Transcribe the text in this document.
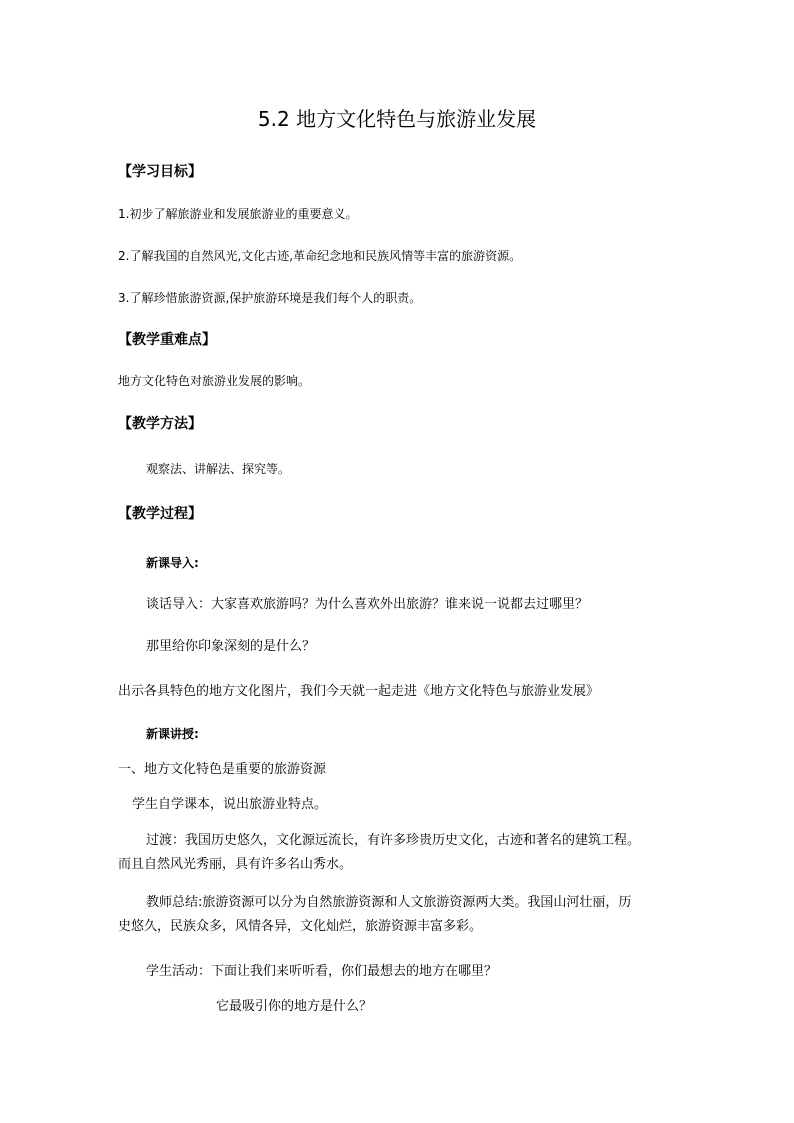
5.2 地方文化特色与旅游业发展
【学习目标】
1.初步了解旅游业和发展旅游业的重要意义。
2.了解我国的自然风光,文化古迹,革命纪念地和民族风情等丰富的旅游资源。
3.了解珍惜旅游资源,保护旅游环境是我们每个人的职责。
【教学重难点】
地方文化特色对旅游业发展的影响。
【教学方法】
观察法、讲解法、探究等。
【教学过程】
新课导入:
谈话导入：大家喜欢旅游吗？为什么喜欢外出旅游？谁来说一说都去过哪里？
那里给你印象深刻的是什么？
出示各具特色的地方文化图片，我们今天就一起走进《地方文化特色与旅游业发展》
新课讲授:
一、地方文化特色是重要的旅游资源
学生自学课本，说出旅游业特点。
过渡：我国历史悠久，文化源远流长，有许多珍贵历史文化，古迹和著名的建筑工程。
而且自然风光秀丽，具有许多名山秀水。
教师总结:旅游资源可以分为自然旅游资源和人文旅游资源两大类。我国山河壮丽，历
史悠久，民族众多，风情各异，文化灿烂，旅游资源丰富多彩。
学生活动：下面让我们来听听看，你们最想去的地方在哪里？
它最吸引你的地方是什么？
